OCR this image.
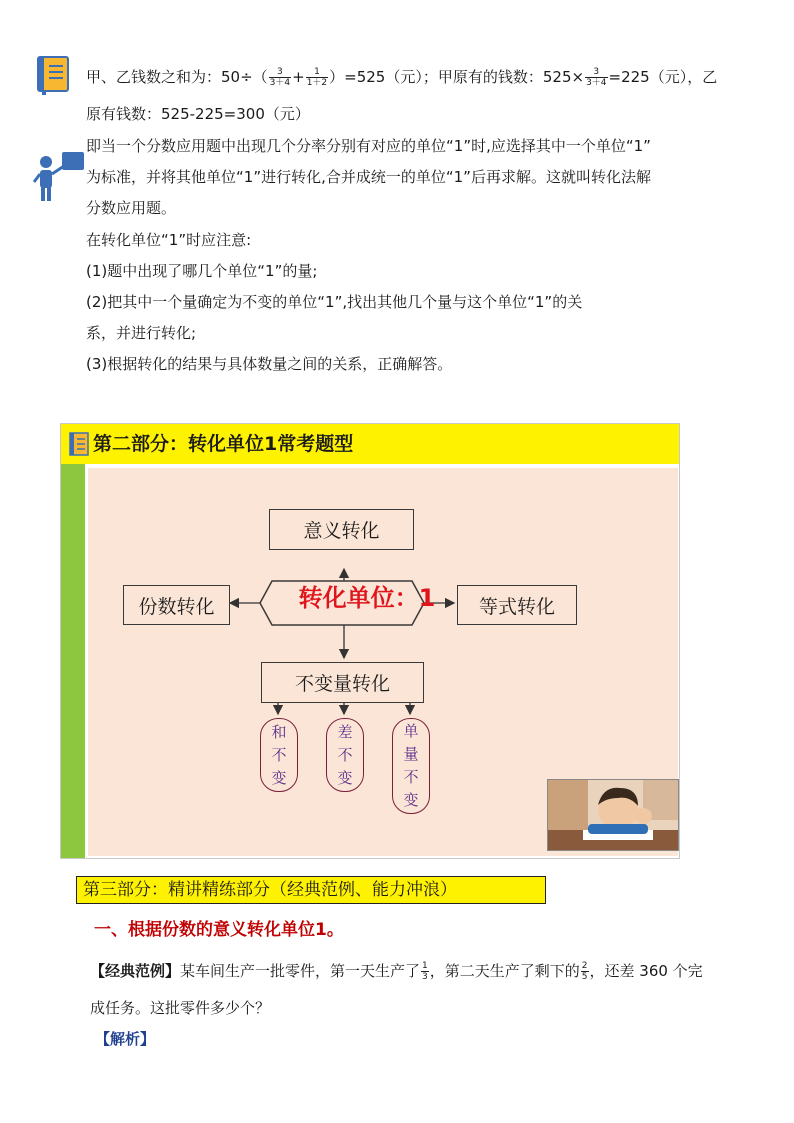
甲、乙钱数之和为：$50\div( \frac{3}{3+4} + \frac{1}{1+2} )=525$（元）；甲原有的钱数：$525\times \frac{3}{3+4} =225$（元），乙
原有钱数：525-225=300（元）
即当一个分数应用题中出现几个分率分别有对应的单位“1”时,应选择其中一个单位“1”
为标准，并将其他单位“1”进行转化,合并成统一的单位“1”后再求解。这就叫转化法解
分数应用题。
在转化单位“1”时应注意:
(1)题中出现了哪几个单位“1”的量;
(2)把其中一个量确定为不变的单位“1”,找出其他几个量与这个单位“1”的关
系，并进行转化;
(3)根据转化的结果与具体数量之间的关系，正确解答。
第二部分：转化单位1常考题型
意义转化
转化单位：1
份数转化	等式转化
不变量转化
和
不
变
差
不
变
单
量
不
变
第三部分：精讲精练部分（经典范例、能力冲浪）
一、根据份数的意义转化单位1。
【经典范例】某车间生产一批零件，第一天生产了 $\frac{1}{3}$ ，第二天生产了剩下的 $\frac{2}{5}$ ，还差 360 个完
成任务。这批零件多少个？
【解析】
